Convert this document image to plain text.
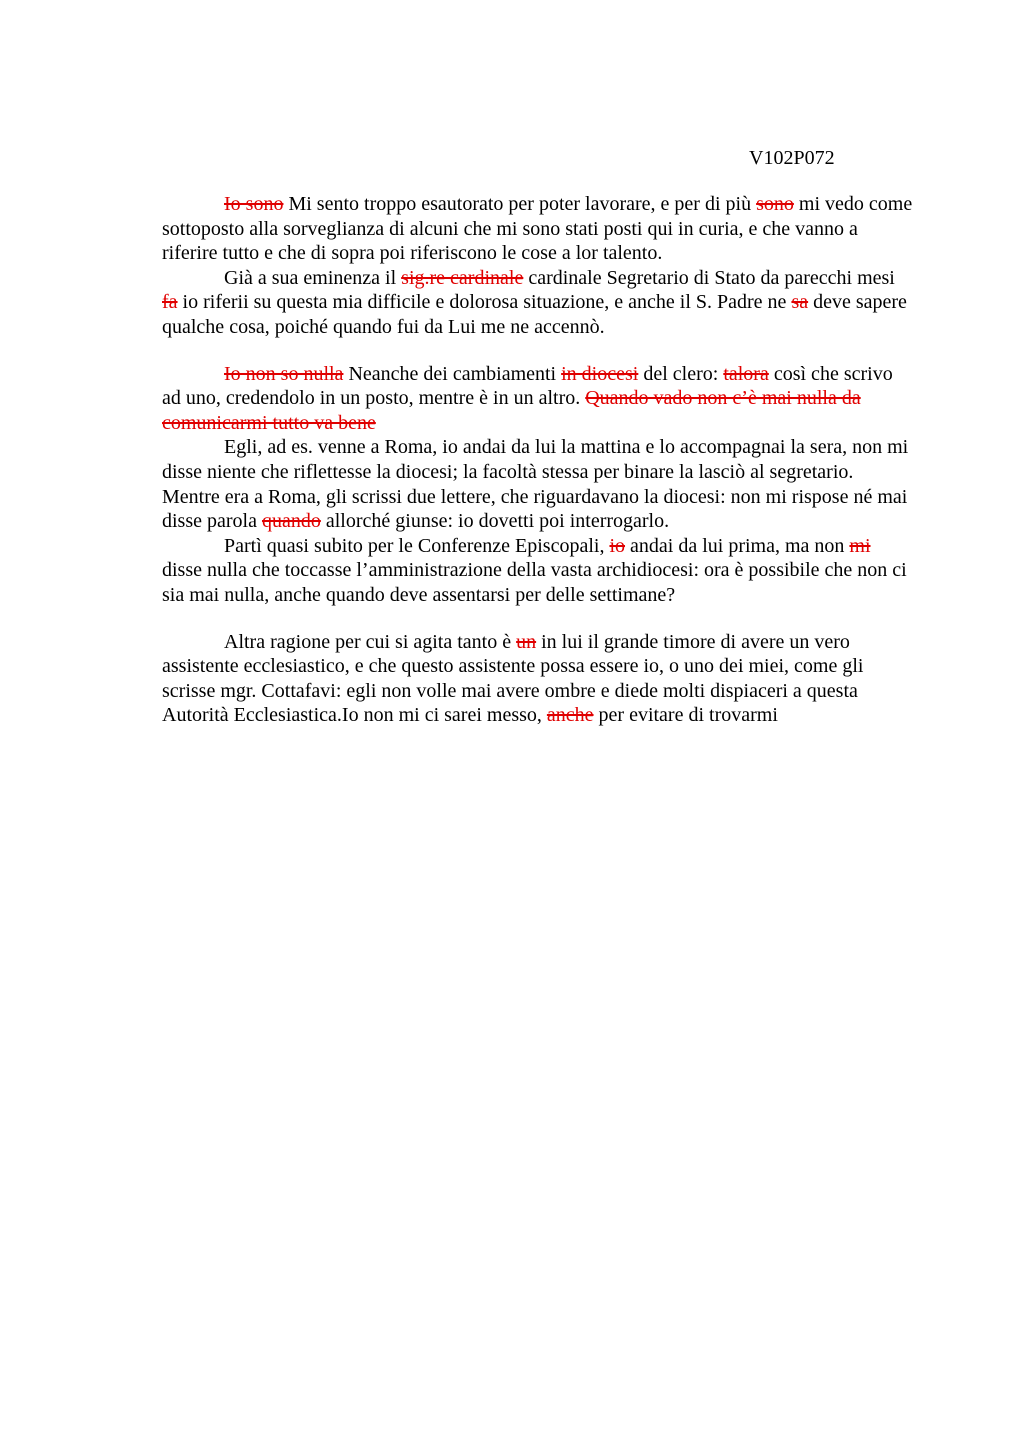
V102P072

Io sono Mi sento troppo esautorato per poter lavorare, e per di più sono mi vedo come sottoposto alla sorveglianza di alcuni che mi sono stati posti qui in curia, e che vanno a riferire tutto e che di sopra poi riferiscono le cose a lor talento.

Già a sua eminenza il sig.re cardinale cardinale Segretario di Stato da parecchi mesi fa io riferii su questa mia difficile e dolorosa situazione, e anche il S. Padre ne sa deve sapere qualche cosa, poiché quando fui da Lui me ne accennò.

Io non so nulla Neanche dei cambiamenti in diocesi del clero: talora così che scrivo ad uno, credendolo in un posto, mentre è in un altro. Quando vado non c’è mai nulla da comunicarmi tutto va bene

Egli, ad es. venne a Roma, io andai da lui la mattina e lo accompagnai la sera, non mi disse niente che riflettesse la diocesi; la facoltà stessa per binare la lasciò al segretario. Mentre era a Roma, gli scrissi due lettere, che riguardavano la diocesi: non mi rispose né mai disse parola quando allorché giunse: io dovetti poi interrogarlo.

Partì quasi subito per le Conferenze Episcopali, io andai da lui prima, ma non mi disse nulla che toccasse l’amministrazione della vasta archidiocesi: ora è possibile che non ci sia mai nulla, anche quando deve assentarsi per delle settimane?

Altra ragione per cui si agita tanto è un in lui il grande timore di avere un vero assistente ecclesiastico, e che questo assistente possa essere io, o uno dei miei, come gli scrisse mgr. Cottafavi: egli non volle mai avere ombre e diede molti dispiaceri a questa Autorità Ecclesiastica.Io non mi ci sarei messo, anche per evitare di trovarmi
